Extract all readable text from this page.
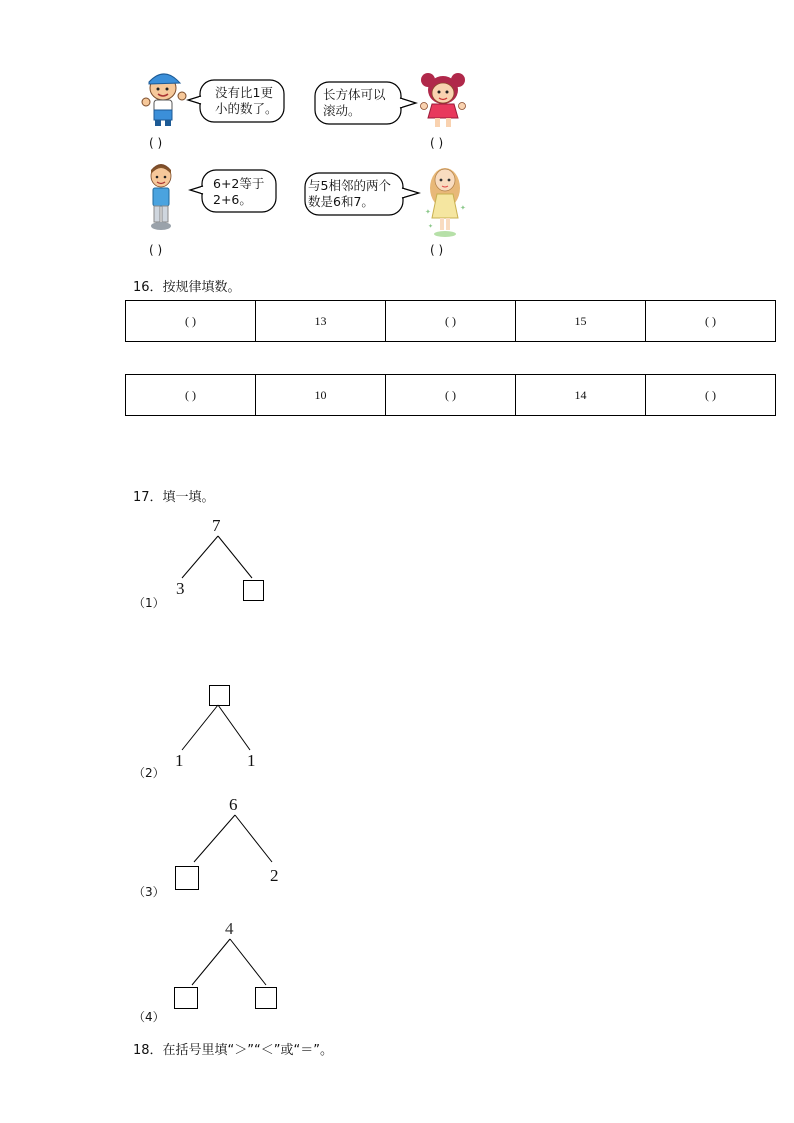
没有比1更
小的数了。
( )
长方体可以
滚动。
( )
6+2等于
2+6。
( )
与5相邻的两个
数是6和7。
✦	✦
✦
( )
16．按规律填数。
( )	13	( )	15	( )
( )	10	( )	14	( )
17．填一填。
7
3
（1）
1	1
（2）
6
2
（3）
4
（4）
18．在括号里填“＞”“＜”或“＝”。
